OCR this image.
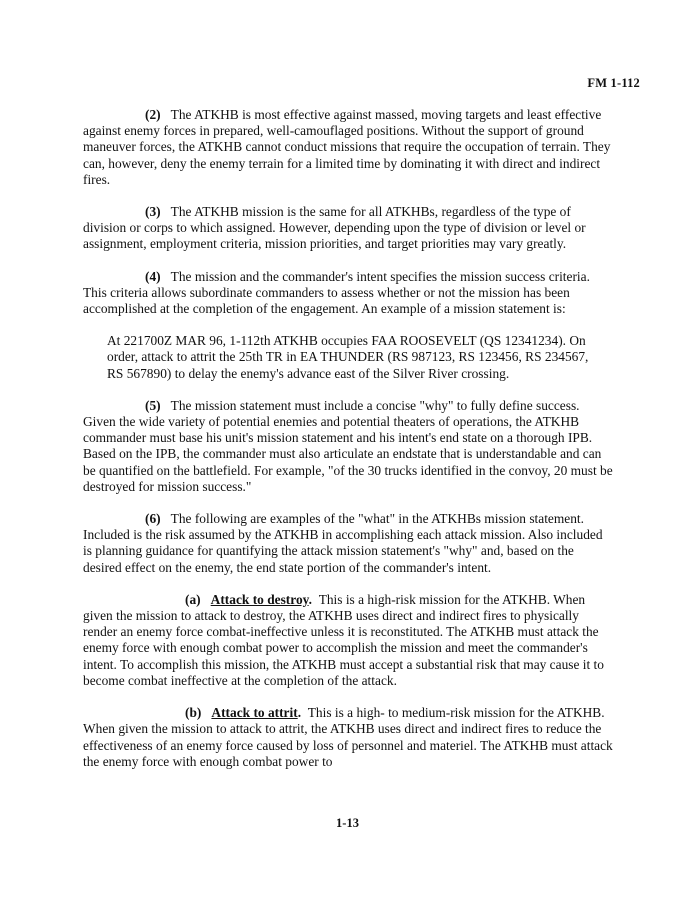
FM 1-112

(2) The ATKHB is most effective against massed, moving targets and least effective against enemy forces in prepared, well-camouflaged positions. Without the support of ground maneuver forces, the ATKHB cannot conduct missions that require the occupation of terrain. They can, however, deny the enemy terrain for a limited time by dominating it with direct and indirect fires.

(3) The ATKHB mission is the same for all ATKHBs, regardless of the type of division or corps to which assigned. However, depending upon the type of division or level or assignment, employment criteria, mission priorities, and target priorities may vary greatly.

(4) The mission and the commander's intent specifies the mission success criteria. This criteria allows subordinate commanders to assess whether or not the mission has been accomplished at the completion of the engagement. An example of a mission statement is:

At 221700Z MAR 96, 1-112th ATKHB occupies FAA ROOSEVELT (QS 12341234). On order, attack to attrit the 25th TR in EA THUNDER (RS 987123, RS 123456, RS 234567, RS 567890) to delay the enemy's advance east of the Silver River crossing.

(5) The mission statement must include a concise "why" to fully define success. Given the wide variety of potential enemies and potential theaters of operations, the ATKHB commander must base his unit's mission statement and his intent's end state on a thorough IPB. Based on the IPB, the commander must also articulate an endstate that is understandable and can be quantified on the battlefield. For example, "of the 30 trucks identified in the convoy, 20 must be destroyed for mission success."

(6) The following are examples of the "what" in the ATKHBs mission statement. Included is the risk assumed by the ATKHB in accomplishing each attack mission. Also included is planning guidance for quantifying the attack mission statement's "why" and, based on the desired effect on the enemy, the end state portion of the commander's intent.

(a) Attack to destroy. This is a high-risk mission for the ATKHB. When given the mission to attack to destroy, the ATKHB uses direct and indirect fires to physically render an enemy force combat-ineffective unless it is reconstituted. The ATKHB must attack the enemy force with enough combat power to accomplish the mission and meet the commander's intent. To accomplish this mission, the ATKHB must accept a substantial risk that may cause it to become combat ineffective at the completion of the attack.

(b) Attack to attrit. This is a high- to medium-risk mission for the ATKHB. When given the mission to attack to attrit, the ATKHB uses direct and indirect fires to reduce the effectiveness of an enemy force caused by loss of personnel and materiel. The ATKHB must attack the enemy force with enough combat power to

1-13
